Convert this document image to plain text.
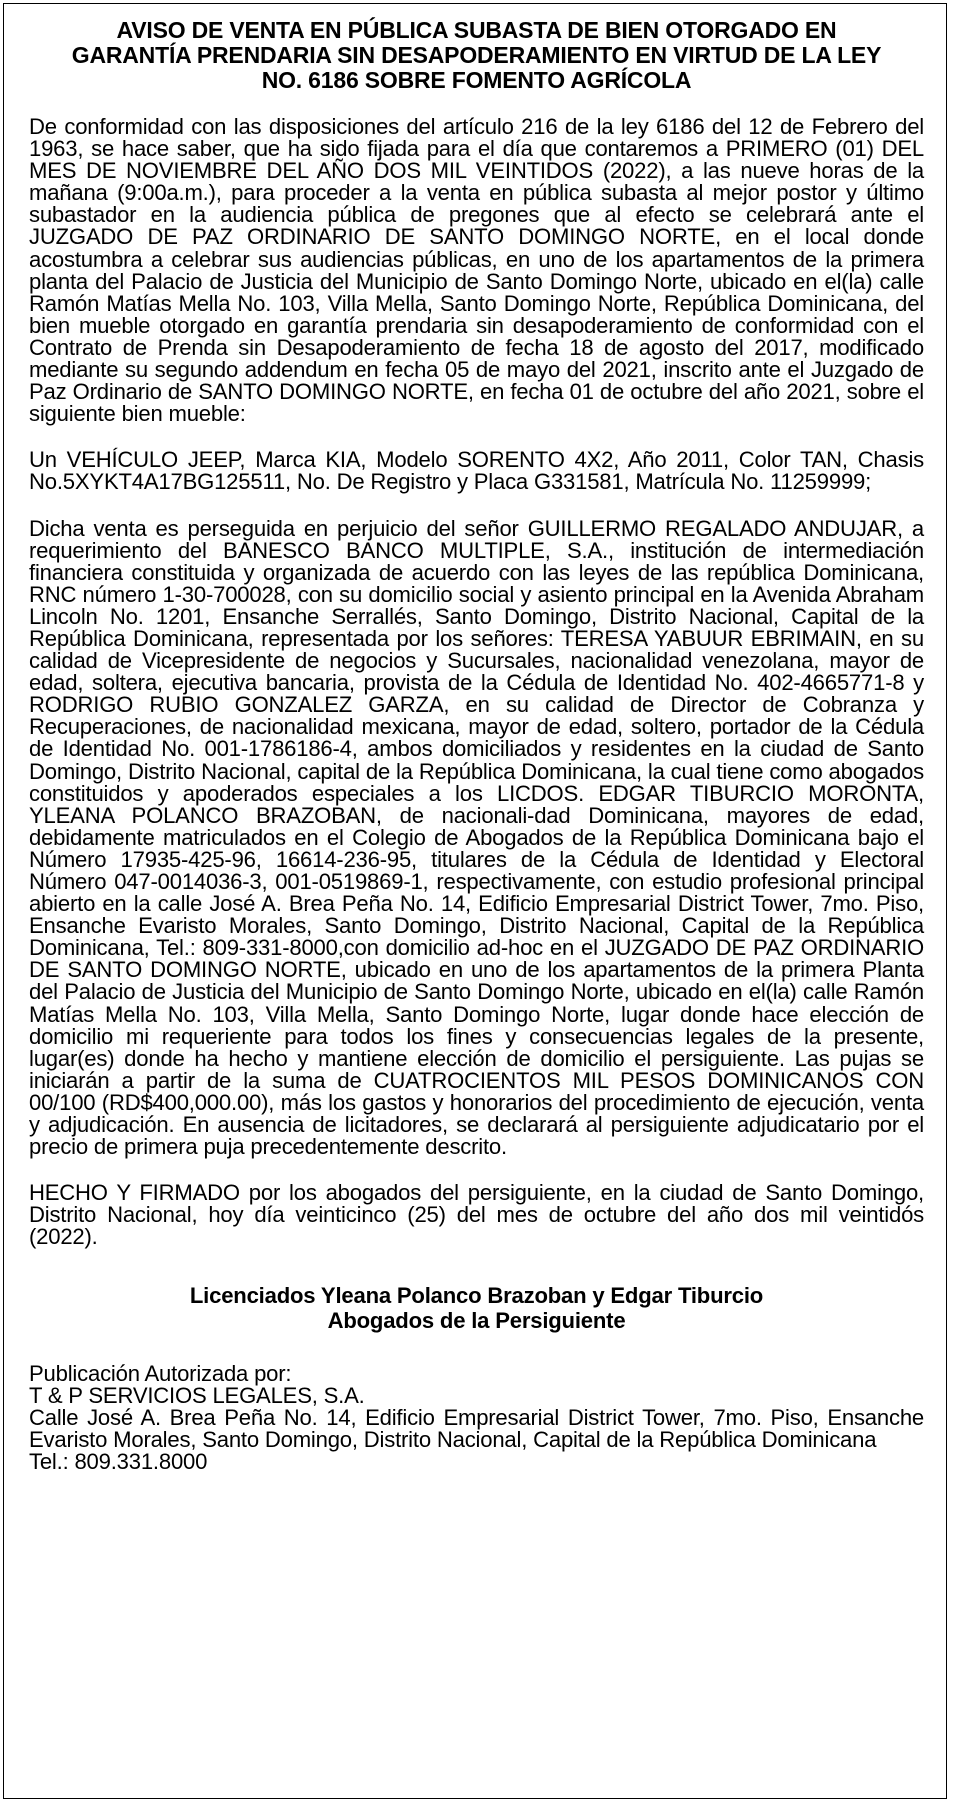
AVISO DE VENTA EN PÚBLICA SUBASTA DE BIEN OTORGADO EN
GARANTÍA PRENDARIA SIN DESAPODERAMIENTO EN VIRTUD DE LA LEY
NO. 6186 SOBRE FOMENTO AGRÍCOLA

De conformidad con las disposiciones del artículo 216 de la ley 6186 del 12 de Febrero del 1963, se hace saber, que ha sido fijada para el día que contaremos a PRIMERO (01) DEL MES DE NOVIEMBRE DEL AÑO DOS MIL VEINTIDOS (2022), a las nueve horas de la mañana (9:00a.m.), para proceder a la venta en pública subasta al mejor postor y último subastador en la audiencia pública de pregones que al efecto se celebrará ante el JUZGADO DE PAZ ORDINARIO DE SANTO DOMINGO NORTE, en el local donde acostumbra a celebrar sus audiencias públicas, en uno de los apartamentos de la primera planta del Palacio de Justicia del Municipio de Santo Domingo Norte, ubicado en el(la) calle Ramón Matías Mella No. 103, Villa Mella, Santo Domingo Norte, República Dominicana, del bien mueble otorgado en garantía prendaria sin desapoderamiento de conformidad con el Contrato de Prenda sin Desapoderamiento de fecha 18 de agosto del 2017, modificado mediante su segundo addendum en fecha 05 de mayo del 2021, inscrito ante el Juzgado de Paz Ordinario de SANTO DOMINGO NORTE, en fecha 01 de octubre del año 2021, sobre el siguiente bien mueble:

Un VEHÍCULO JEEP, Marca KIA, Modelo SORENTO 4X2, Año 2011, Color TAN, Chasis No.5XYKT4A17BG125511, No. De Registro y Placa G331581, Matrícula No. 11259999;

Dicha venta es perseguida en perjuicio del señor GUILLERMO REGALADO ANDUJAR, a requerimiento del BANESCO BANCO MULTIPLE, S.A., institución de intermediación financiera constituida y organizada de acuerdo con las leyes de las república Dominicana, RNC número 1-30-700028, con su domicilio social y asiento principal en la Avenida Abraham Lincoln No. 1201, Ensanche Serrallés, Santo Domingo, Distrito Nacional, Capital de la República Dominicana, representada por los señores: TERESA YABUUR EBRIMAIN, en su calidad de Vicepresidente de negocios y Sucursales, nacionalidad venezolana, mayor de edad, soltera, ejecutiva bancaria, provista de la Cédula de Identidad No. 402-4665771-8 y RODRIGO RUBIO GONZALEZ GARZA, en su calidad de Director de Cobranza y Recuperaciones, de nacionalidad mexicana, mayor de edad, soltero, portador de la Cédula de Identidad No. 001-1786186-4, ambos domiciliados y residentes en la ciudad de Santo Domingo, Distrito Nacional, capital de la República Dominicana, la cual tiene como abogados constituidos y apoderados especiales a los LICDOS. EDGAR TIBURCIO MORONTA, YLEANA POLANCO BRAZOBAN, de nacionali-dad Dominicana, mayores de edad, debidamente matriculados en el Colegio de Abogados de la República Dominicana bajo el Número 17935-425-96, 16614-236-95, titulares de la Cédula de Identidad y Electoral Número 047-0014036-3, 001-0519869-1, respectivamente, con estudio profesional principal abierto en la calle José A. Brea Peña No. 14, Edificio Empresarial District Tower, 7mo. Piso, Ensanche Evaristo Morales, Santo Domingo, Distrito Nacional, Capital de la República Dominicana, Tel.: 809-331-8000,con domicilio ad-hoc en el JUZGADO DE PAZ ORDINARIO DE SANTO DOMINGO NORTE, ubicado en uno de los apartamentos de la primera Planta del Palacio de Justicia del Municipio de Santo Domingo Norte, ubicado en el(la) calle Ramón Matías Mella No. 103, Villa Mella, Santo Domingo Norte, lugar donde hace elección de domicilio mi requeriente para todos los fines y consecuencias legales de la presente, lugar(es) donde ha hecho y mantiene elección de domicilio el persiguiente. Las pujas se iniciarán a partir de la suma de CUATROCIENTOS MIL PESOS DOMINICANOS CON 00/100 (RD$400,000.00), más los gastos y honorarios del procedimiento de ejecución, venta y adjudicación. En ausencia de licitadores, se declarará al persiguiente adjudicatario por el precio de primera puja precedentemente descrito.

HECHO Y FIRMADO por los abogados del persiguiente, en la ciudad de Santo Domingo, Distrito Nacional, hoy día veinticinco (25) del mes de octubre del año dos mil veintidós (2022).

Licenciados Yleana Polanco Brazoban y Edgar Tiburcio
Abogados de la Persiguiente
Publicación Autorizada por:
T & P SERVICIOS LEGALES, S.A.
Calle José A. Brea Peña No. 14, Edificio Empresarial District Tower, 7mo. Piso, Ensanche Evaristo Morales, Santo Domingo, Distrito Nacional, Capital de la República Dominicana
Tel.: 809.331.8000
